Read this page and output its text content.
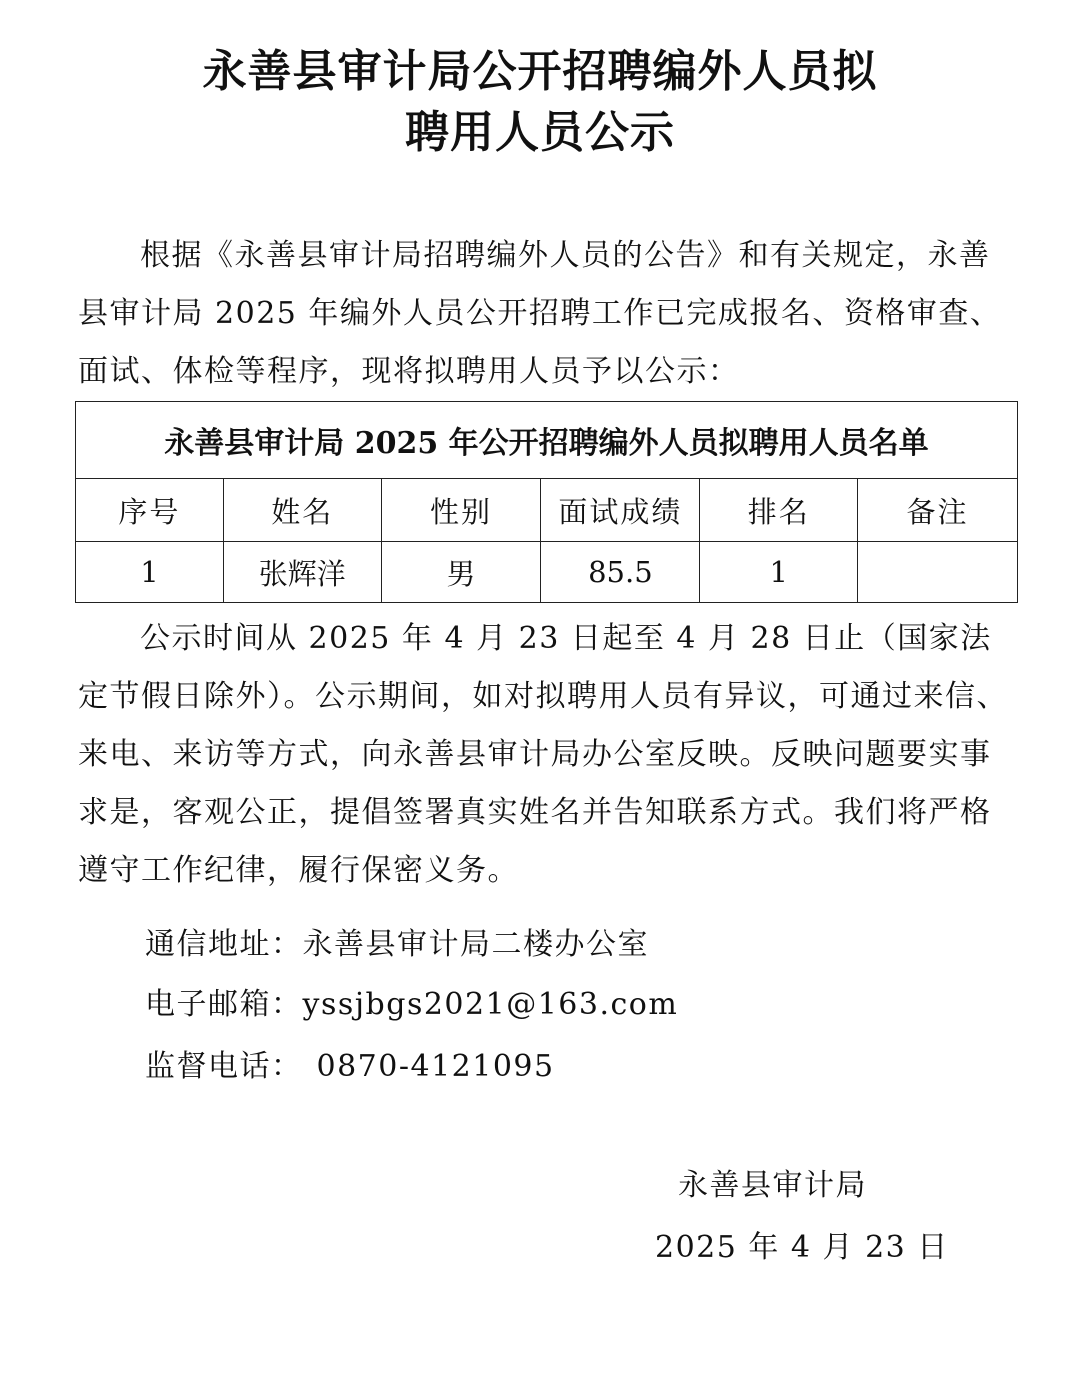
永善县审计局公开招聘编外人员拟
聘用人员公示

根据《永善县审计局招聘编外人员的公告》和有关规定，永善县审计局 2025 年编外人员公开招聘工作已完成报名、资格审查、面试、体检等程序，现将拟聘用人员予以公示：

永善县审计局 2025 年公开招聘编外人员拟聘用人员名单					
序号	姓名	性别	面试成绩	排名	备注
1	张辉洋	男	85.5	1	

公示时间从 2025 年 4 月 23 日起至 4 月 28 日止（国家法定节假日除外）。公示期间，如对拟聘用人员有异议，可通过来信、来电、来访等方式，向永善县审计局办公室反映。反映问题要实事求是，客观公正，提倡签署真实姓名并告知联系方式。我们将严格遵守工作纪律，履行保密义务。

通信地址：永善县审计局二楼办公室
电子邮箱：yssjbgs2021@163.com
监督电话： 0870-4121095
永善县审计局
2025 年 4 月 23 日
